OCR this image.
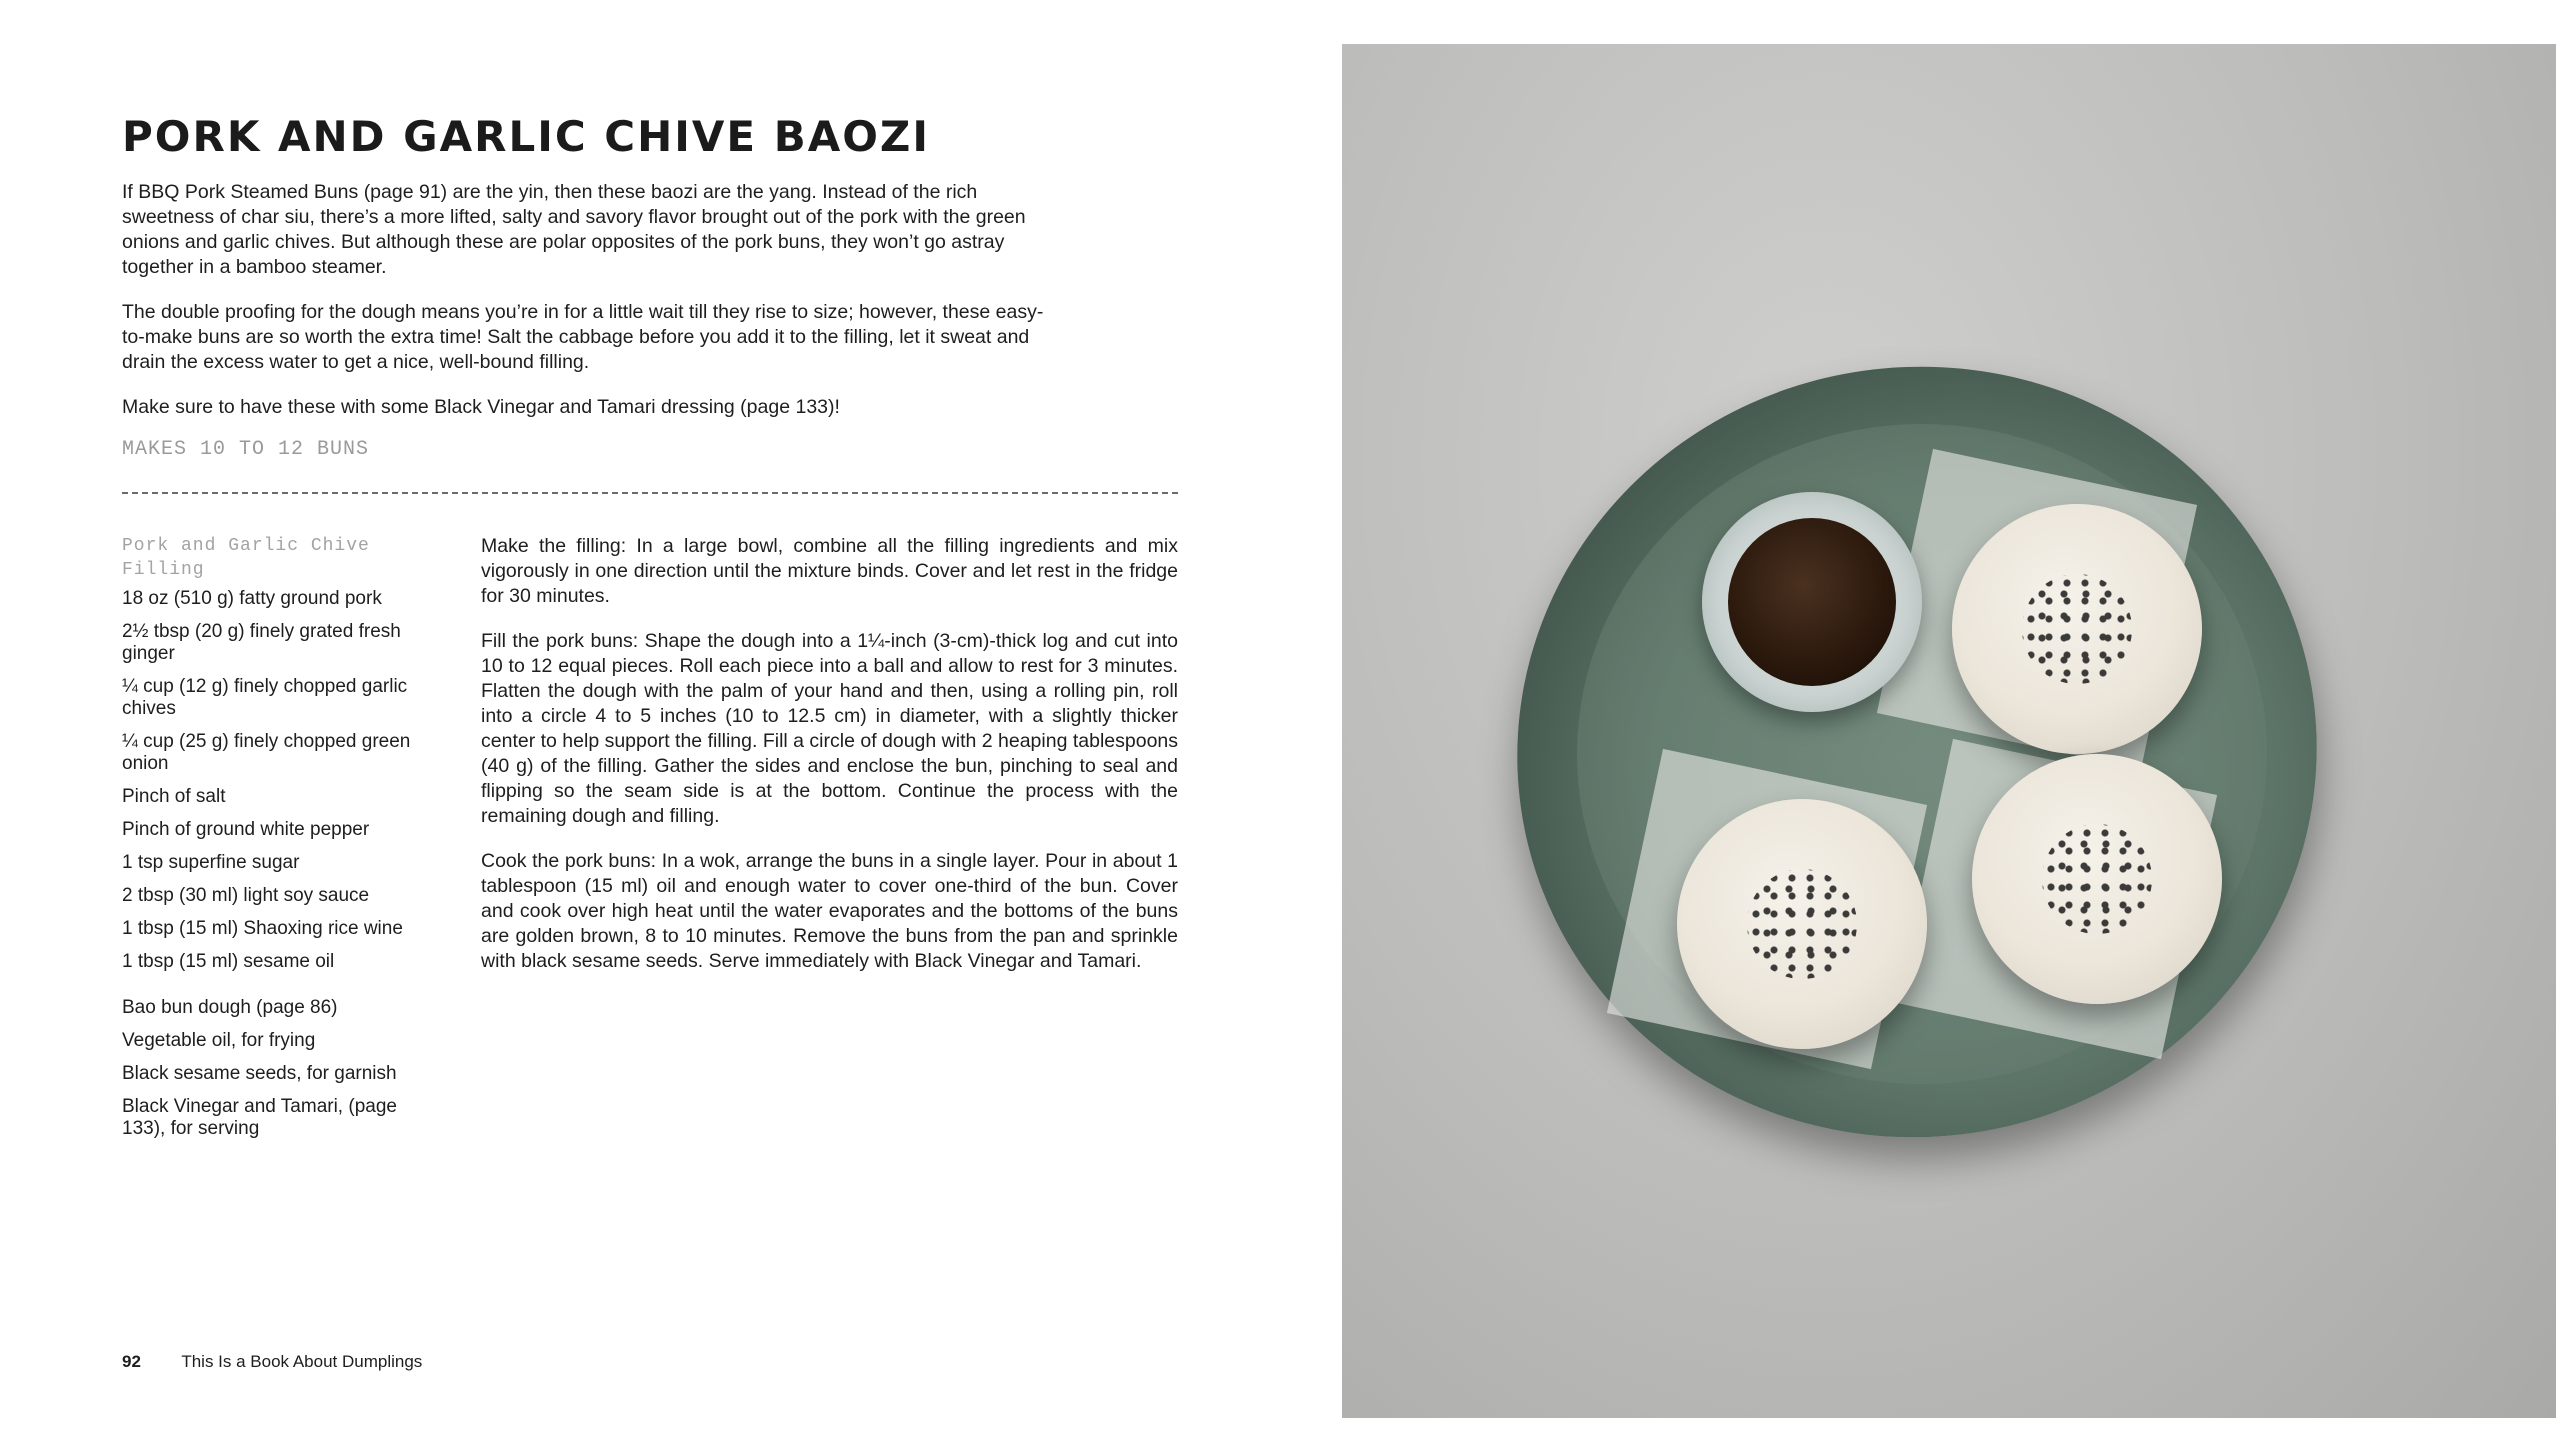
PORK AND GARLIC CHIVE BAOZI

If BBQ Pork Steamed Buns (page 91) are the yin, then these baozi are the yang. Instead of the rich sweetness of char siu, there’s a more lifted, salty and savory flavor brought out of the pork with the green onions and garlic chives. But although these are polar opposites of the pork buns, they won’t go astray together in a bamboo steamer.

The double proofing for the dough means you’re in for a little wait till they rise to size; however, these easy-to-make buns are so worth the extra time! Salt the cabbage before you add it to the filling, let it sweat and drain the excess water to get a nice, well-bound filling.

Make sure to have these with some Black Vinegar and Tamari dressing (page 133)!

MAKES 10 TO 12 BUNS
Pork and Garlic Chive Filling
18 oz (510 g) fatty ground pork
2½ tbsp (20 g) finely grated fresh ginger
¼ cup (12 g) finely chopped garlic chives
¼ cup (25 g) finely chopped green onion
Pinch of salt
Pinch of ground white pepper
1 tsp superfine sugar
2 tbsp (30 ml) light soy sauce
1 tbsp (15 ml) Shaoxing rice wine
1 tbsp (15 ml) sesame oil
Bao bun dough (page 86)
Vegetable oil, for frying
Black sesame seeds, for garnish
Black Vinegar and Tamari, (page 133), for serving

Make the filling: In a large bowl, combine all the filling ingredients and mix vigorously in one direction until the mixture binds. Cover and let rest in the fridge for 30 minutes.

Fill the pork buns: Shape the dough into a 1¼-inch (3-cm)-thick log and cut into 10 to 12 equal pieces. Roll each piece into a ball and allow to rest for 3 minutes. Flatten the dough with the palm of your hand and then, using a rolling pin, roll into a circle 4 to 5 inches (10 to 12.5 cm) in diameter, with a slightly thicker center to help support the filling. Fill a circle of dough with 2 heaping tablespoons (40 g) of the filling. Gather the sides and enclose the bun, pinching to seal and flipping so the seam side is at the bottom. Continue the process with the remaining dough and filling.

Cook the pork buns: In a wok, arrange the buns in a single layer. Pour in about 1 tablespoon (15 ml) oil and enough water to cover one-third of the bun. Cover and cook over high heat until the water evaporates and the bottoms of the buns are golden brown, 8 to 10 minutes. Remove the buns from the pan and sprinkle with black sesame seeds. Serve immediately with Black Vinegar and Tamari.

92 This Is a Book About Dumplings
